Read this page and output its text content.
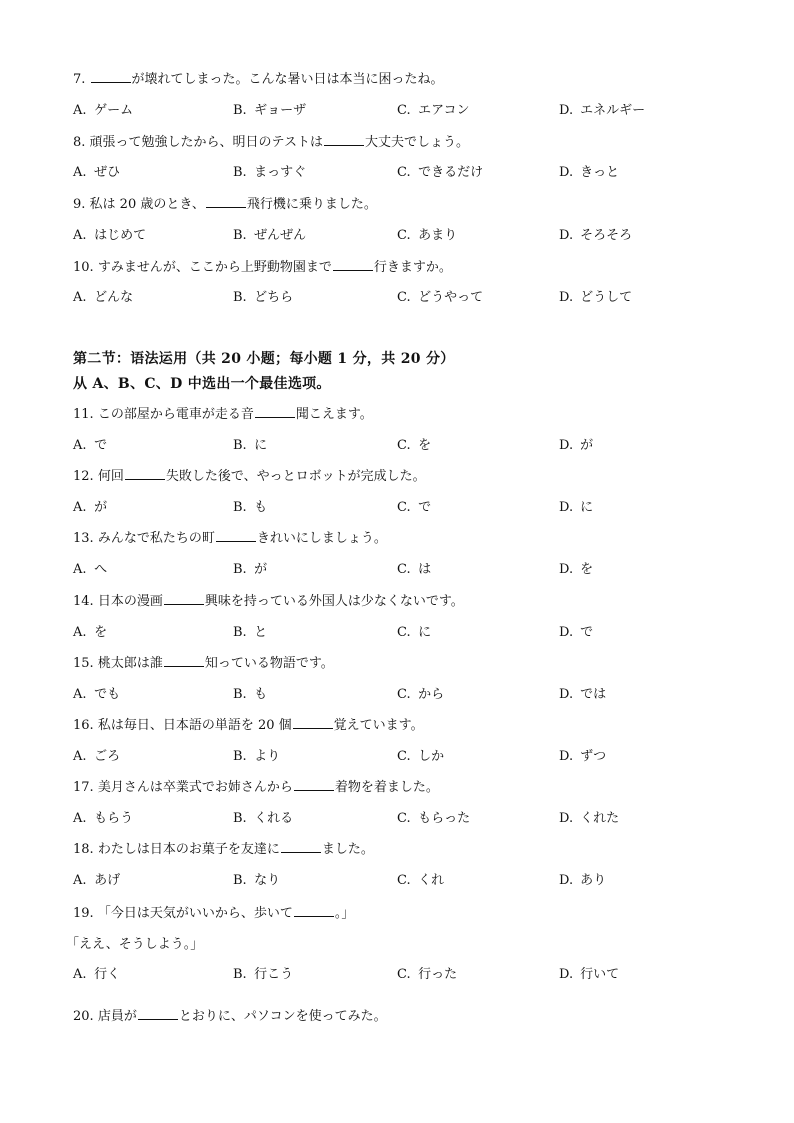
第二节：语法运用（共 20 小题；每小题 1 分，共 20 分）
从 A、B、C、D 中选出一个最佳选项。
7.	が壊れてしまった。こんな暑い日は本当に困ったね。
A. ゲーム	B. ギョーザ	C. エアコン	D. エネルギー
8. 頑張って勉強したから、明日のテストは	大丈夫でしょう。
A. ぜひ	B. まっすぐ	C. できるだけ	D. きっと
9. 私は 20 歳のとき、	飛行機に乗りました。
A. はじめて	B. ぜんぜん	C. あまり	D. そろそろ
10. すみませんが、ここから上野動物園まで	行きますか。
A. どんな	B. どちら	C. どうやって	D. どうして
11. この部屋から電車が走る音	聞こえます。
A. で	B. に	C. を	D. が
12. 何回	失敗した後で、やっとロボットが完成した。
A. が	B. も	C. で	D. に
13. みんなで私たちの町	きれいにしましょう。
A. へ	B. が	C. は	D. を
14. 日本の漫画	興味を持っている外国人は少なくないです。
A. を	B. と	C. に	D. で
15. 桃太郎は誰	知っている物語です。
A. でも	B. も	C. から	D. では
16. 私は毎日、日本語の単語を 20 個	覚えています。
A. ごろ	B. より	C. しか	D. ずつ
17. 美月さんは卒業式でお姉さんから	着物を着ました。
A. もらう	B. くれる	C. もらった	D. くれた
18. わたしは日本のお菓子を友達に	ました。
A. あげ	B. なり	C. くれ	D. あり
19. 「今日は天気がいいから、歩いて	。」
A. 行く	B. 行こう	C. 行った	D. 行いて
20. 店員が	とおりに、パソコンを使ってみた。
「ええ、そうしよう。」
